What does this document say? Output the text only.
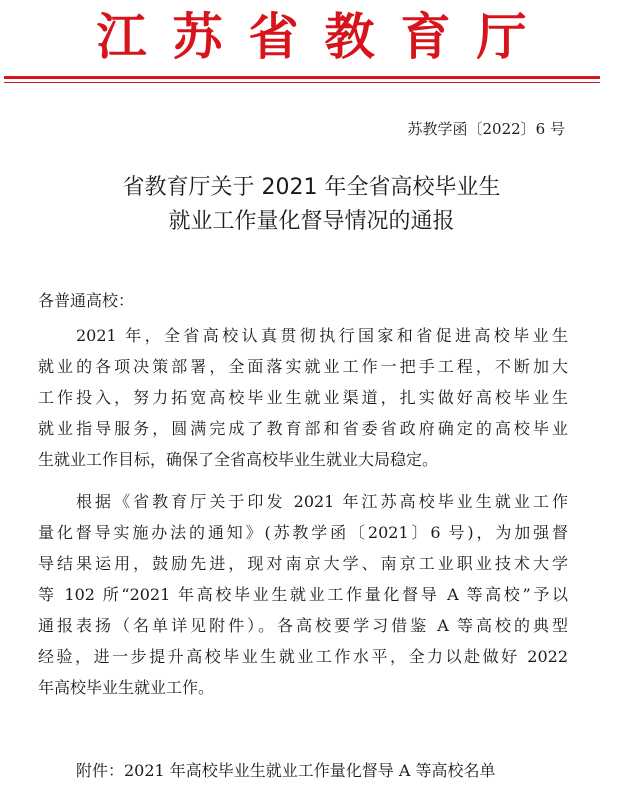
江苏省教育厅
苏教学函〔2022〕6 号
省教育厅关于 2021 年全省高校毕业生
就业工作量化督导情况的通报
各普通高校：
2021 年，全省高校认真贯彻执行国家和省促进高校毕业生
就业的各项决策部署，全面落实就业工作一把手工程，不断加大
工作投入，努力拓宽高校毕业生就业渠道，扎实做好高校毕业生
就业指导服务，圆满完成了教育部和省委省政府确定的高校毕业
生就业工作目标，确保了全省高校毕业生就业大局稳定。
根据《省教育厅关于印发 2021 年江苏高校毕业生就业工作
量化督导实施办法的通知》(苏教学函〔2021〕6 号)，为加强督
导结果运用，鼓励先进，现对南京大学、南京工业职业技术大学
等 102 所“2021 年高校毕业生就业工作量化督导 A 等高校”予以
通报表扬（名单详见附件）。各高校要学习借鉴 A 等高校的典型
经验，进一步提升高校毕业生就业工作水平，全力以赴做好 2022
年高校毕业生就业工作。
附件：2021 年高校毕业生就业工作量化督导 A 等高校名单
